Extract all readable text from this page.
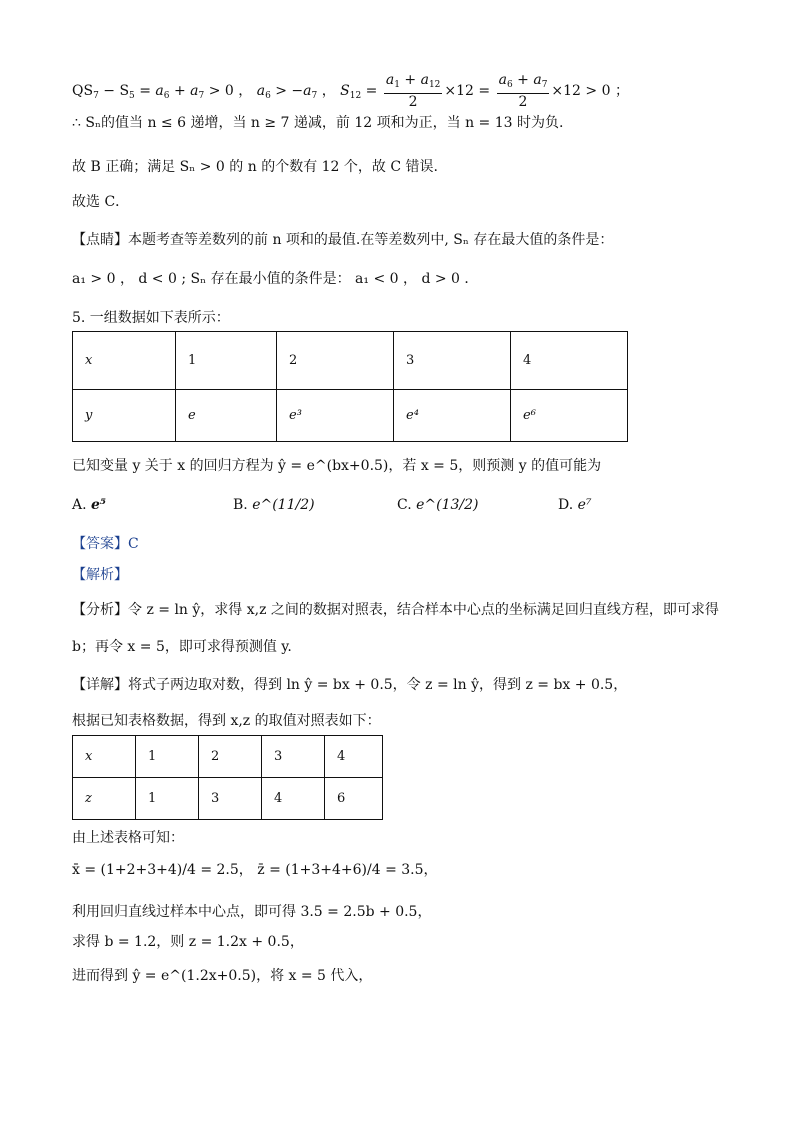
$QS_7 - S_5 = a_6 + a_7 > 0$ ， $a_6 > -a_7$ ， $S_{12} = \frac{a_1 + a_{12}}{2} \times 12 = \frac{a_6 + a_7}{2} \times 12 > 0$ ；
∴ Sₙ的值当 n ≤ 6 递增，当 n ≥ 7 递减，前 12 项和为正，当 n = 13 时为负.
故 B 正确；满足 Sₙ > 0 的 n 的个数有 12 个，故 C 错误.
故选 C．
【点睛】本题考查等差数列的前 n 项和的最值.在等差数列中, Sₙ 存在最大值的条件是：
a₁ > 0 ， d < 0 ; Sₙ 存在最小值的条件是： a₁ < 0 ， d > 0 ．
5. 一组数据如下表所示：
x	1	2	3	4
y	e	e³	e⁴	e⁶
已知变量 y 关于 x 的回归方程为 ŷ = e^(bx+0.5)，若 x = 5，则预测 y 的值可能为
A. e⁵	B. e^(11/2)	C. e^(13/2)	D. e⁷
【答案】C
【解析】
【分析】令 z = ln ŷ，求得 x,z 之间的数据对照表，结合样本中心点的坐标满足回归直线方程，即可求得
b；再令 x = 5，即可求得预测值 y.
【详解】将式子两边取对数，得到 ln ŷ = bx + 0.5，令 z = ln ŷ，得到 z = bx + 0.5，
根据已知表格数据，得到 x,z 的取值对照表如下：
x	1	2	3	4
z	1	3	4	6
由上述表格可知：
x̄ = (1+2+3+4)/4 = 2.5， z̄ = (1+3+4+6)/4 = 3.5，
利用回归直线过样本中心点，即可得 3.5 = 2.5b + 0.5，
求得 b = 1.2，则 z = 1.2x + 0.5，
进而得到 ŷ = e^(1.2x+0.5)，将 x = 5 代入，
